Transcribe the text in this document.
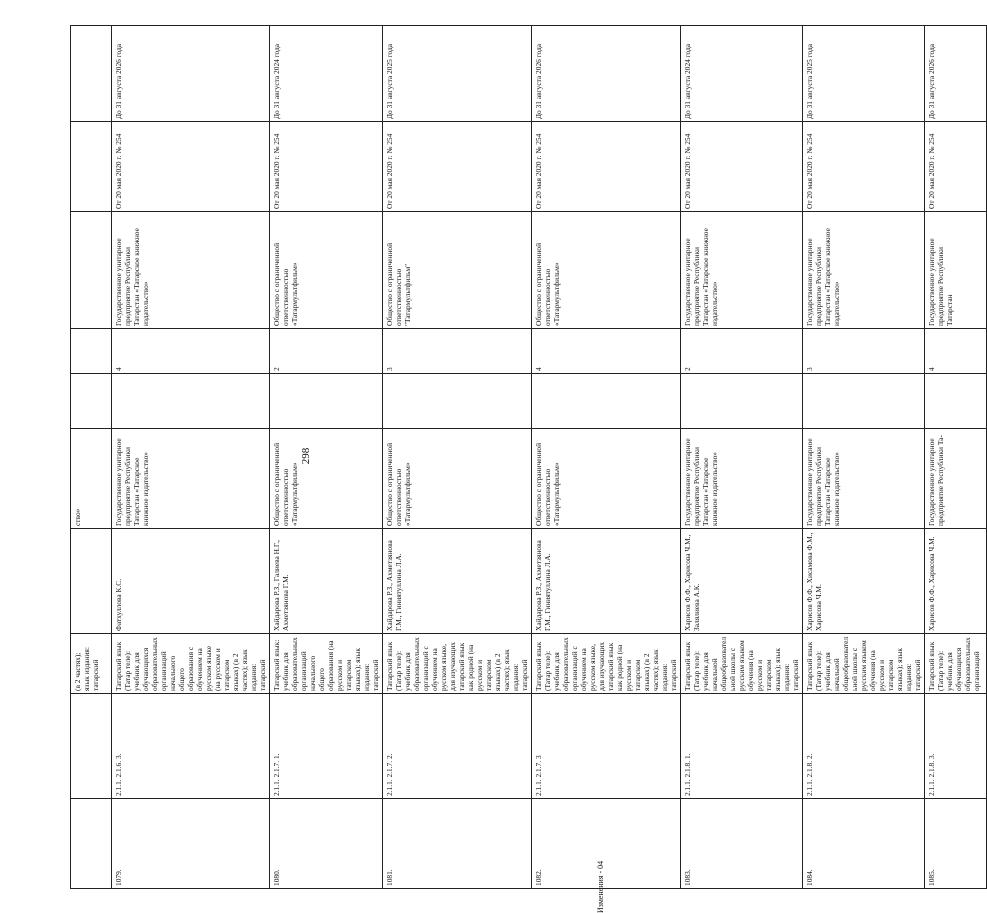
298
Изменения - 04
		(в 2 частях); язык издания: татарский		ство»					
1079.	2.1.1. 2.1.6. 3.	Татарский язык (Татар теле): учебник для обучающихся образовательных организаций начального общего образования с обучением на русском языке (на русском и татарском языках) (в 2 частях); язык издания: татарский	Фатхуллова К.С.	Государственное унитарное предприятие Республики Татарстан «Татарское книжное издательство»		4	Государственное унитарное предприятие Республики Татарстан «Татарское книжное издательство»	От 20 мая 2020 г. № 254	До 31 августа 2026 года
1080.	2.1.1. 2.1.7. 1.	Татарский язык: учебник для образовательных организаций начального общего образования (на русском и татарском языках); язык издания: татарский	Хайдарова Р.З., Галиева Н.Г., Ахметзянова Г.М.	Общество с ограниченной ответственностью «Татармультфильм»		2	Общество с ограниченной ответственностью «Татармультфильм»	От 20 мая 2020 г. № 254	До 31 августа 2024 года
1081.	2.1.1. 2.1.7. 2.	Татарский язык (Татар теле): учебник для образовательных организаций с обучением на русском языке, для изучающих татарский язык как родной (на русском и татарском языках) (в 2 частях); язык издания: татарский	Хайдарова Р.З., Ахметзянова Г.М., Гиниятуллина Л.А.	Общество с ограниченной ответственностью «Татармультфильм»		3	Общество с ограниченной ответственностью "Татармультфильм"	От 20 мая 2020 г. № 254	До 31 августа 2025 года
1082.	2.1.1. 2.1.7. 3	Татарский язык (Татар теле): учебник для образовательных организаций с обучением на русском языке, для изучающих татарский язык как родной (на русском и татарском языках) (в 2 частях); язык издания: татарский	Хайдарова Р.З., Ахметзянова Г.М., Гиниятуллина Л.А.	Общество с ограниченной ответственностью «Татармультфильм»		4	Общество с ограниченной ответственностью «Татармультфильм»	От 20 мая 2020 г. № 254	До 31 августа 2026 года
1083.	2.1.1. 2.1.8. 1.	Татарский язык (Татар теле): учебник для начальной общеобразовательной школы с русским языком обучения (на русском и татарском языках); язык издания: татарский	Харисов Ф.Ф., Харисова Ч.М., Залялиева А.К.	Государственное унитарное предприятие Республики Татарстан «Татарское книжное издательство»		2	Государственное унитарное предприятие Республики Татарстан «Татарское книжное издательство»	От 20 мая 2020 г. № 254	До 31 августа 2024 года
1084.	2.1.1. 2.1.8. 2.	Татарский язык (Татар теле): учебник для начальной общеобразовательной школы с русским языком обучения (на русском и татарском языках); язык издания: татарский	Харисов Ф.Ф., Хисамова Ф.М., Харисова Ч.М.	Государственное унитарное предприятие Республики Татарстан «Татарское книжное издательство»		3	Государственное унитарное предприятие Республики Татарстан «Татарское книжное издательство»	От 20 мая 2020 г. № 254	До 31 августа 2025 года
1085.	2.1.1. 2.1.8. 3.	Татарский язык (Татар теле): учебник для обучающихся образовательных организаций	Харисов Ф.Ф., Харисова Ч.М.	Государственное унитарное предприятие Республики Та-		4	Государственное унитарное предприятие Республики Татарстан	От 20 мая 2020 г. № 254	До 31 августа 2026 года
